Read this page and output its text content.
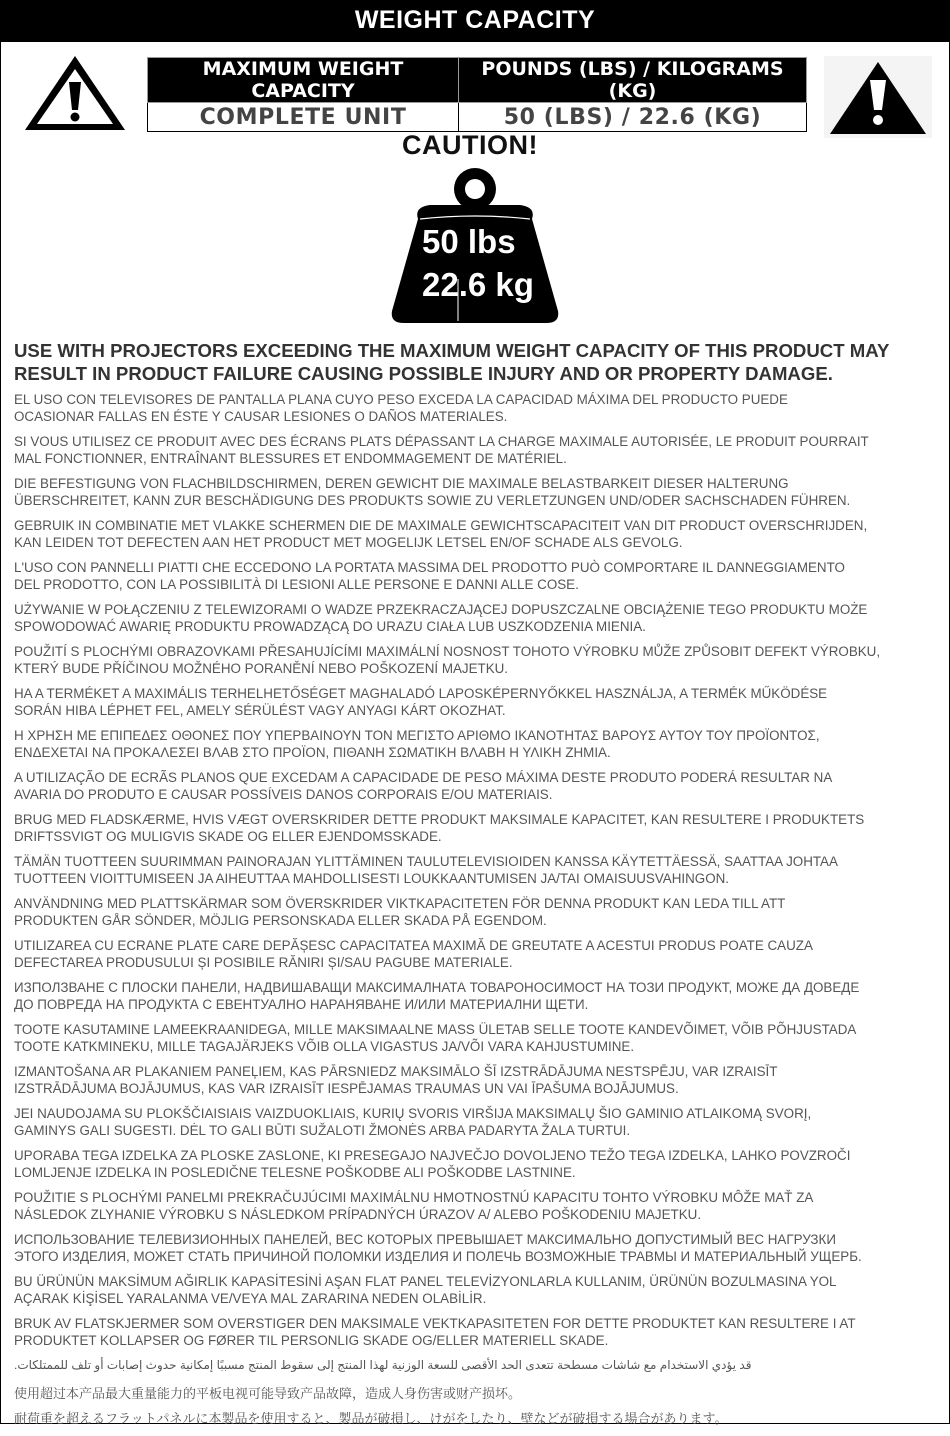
WEIGHT CAPACITY
MAXIMUM WEIGHT CAPACITY	POUNDS (LBS) / KILOGRAMS (KG)
COMPLETE UNIT	50 (LBS) / 22.6 (KG)
CAUTION!
50 lbs
22.6 kg
USE WITH PROJECTORS EXCEEDING THE MAXIMUM WEIGHT CAPACITY OF THIS PRODUCT MAY RESULT IN PRODUCT FAILURE CAUSING POSSIBLE INJURY AND OR PROPERTY DAMAGE.

EL USO CON TELEVISORES DE PANTALLA PLANA CUYO PESO EXCEDA LA CAPACIDAD MÁXIMA DEL PRODUCTO PUEDE
OCASIONAR FALLAS EN ÉSTE Y CAUSAR LESIONES O DAÑOS MATERIALES.

SI VOUS UTILISEZ CE PRODUIT AVEC DES ÉCRANS PLATS DÉPASSANT LA CHARGE MAXIMALE AUTORISÉE, LE PRODUIT POURRAIT
MAL FONCTIONNER, ENTRAÎNANT BLESSURES ET ENDOMMAGEMENT DE MATÉRIEL.

DIE BEFESTIGUNG VON FLACHBILDSCHIRMEN, DEREN GEWICHT DIE MAXIMALE BELASTBARKEIT DIESER HALTERUNG
ÜBERSCHREITET, KANN ZUR BESCHÄDIGUNG DES PRODUKTS SOWIE ZU VERLETZUNGEN UND/ODER SACHSCHADEN FÜHREN.

GEBRUIK IN COMBINATIE MET VLAKKE SCHERMEN DIE DE MAXIMALE GEWICHTSCAPACITEIT VAN DIT PRODUCT OVERSCHRIJDEN,
KAN LEIDEN TOT DEFECTEN AAN HET PRODUCT MET MOGELIJK LETSEL EN/OF SCHADE ALS GEVOLG.

L'USO CON PANNELLI PIATTI CHE ECCEDONO LA PORTATA MASSIMA DEL PRODOTTO PUÒ COMPORTARE IL DANNEGGIAMENTO
DEL PRODOTTO, CON LA POSSIBILITÀ DI LESIONI ALLE PERSONE E DANNI ALLE COSE.

UŻYWANIE W POŁĄCZENIU Z TELEWIZORAMI O WADZE PRZEKRACZAJĄCEJ DOPUSZCZALNE OBCIĄŻENIE TEGO PRODUKTU MOŻE
SPOWODOWAĆ AWARIĘ PRODUKTU PROWADZĄCĄ DO URAZU CIAŁA LUB USZKODZENIA MIENIA.

POUŽITÍ S PLOCHÝMI OBRAZOVKAMI PŘESAHUJÍCÍMI MAXIMÁLNÍ NOSNOST TOHOTO VÝROBKU MŮŽE ZPŮSOBIT DEFEKT VÝROBKU,
KTERÝ BUDE PŘÍČINOU MOŽNÉHO PORANĚNÍ NEBO POŠKOZENÍ MAJETKU.

HA A TERMÉKET A MAXIMÁLIS TERHELHETŐSÉGET MAGHALADÓ LAPOSKÉPERNYŐKKEL HASZNÁLJA, A TERMÉK MŰKÖDÉSE
SORÁN HIBA LÉPHET FEL, AMELY SÉRÜLÉST VAGY ANYAGI KÁRT OKOZHAT.

Η ΧΡΗΣΗ ΜΕ ΕΠΙΠΕΔΕΣ ΟΘΟΝΕΣ ΠΟΥ ΥΠΕΡΒΑΙΝΟΥΝ ΤΟΝ ΜΕΓΙΣΤΟ ΑΡΙΘΜΟ ΙΚΑΝΟΤΗΤΑΣ ΒΑΡΟΥΣ ΑΥΤΟΥ ΤΟΥ ΠΡΟΪΟΝΤΟΣ,
ΕΝΔΕΧΕΤΑΙ ΝΑ ΠΡΟΚΑΛΕΣΕΙ ΒΛΑΒ ΣΤΟ ΠΡΟΪΟΝ, ΠΙΘΑΝΗ ΣΩΜΑΤΙΚΗ ΒΛΑΒΗ Η ΥΛΙΚΗ ΖΗΜΙΑ.

A UTILIZAÇÃO DE ECRÃS PLANOS QUE EXCEDAM A CAPACIDADE DE PESO MÁXIMA DESTE PRODUTO PODERÁ RESULTAR NA
AVARIA DO PRODUTO E CAUSAR POSSÍVEIS DANOS CORPORAIS E/OU MATERIAIS.

BRUG MED FLADSKÆRME, HVIS VÆGT OVERSKRIDER DETTE PRODUKT MAKSIMALE KAPACITET, KAN RESULTERE I PRODUKTETS
DRIFTSSVIGT OG MULIGVIS SKADE OG ELLER EJENDOMSSKADE.

TÄMÄN TUOTTEEN SUURIMMAN PAINORAJAN YLITTÄMINEN TAULUTELEVISIOIDEN KANSSA KÄYTETTÄESSÄ, SAATTAA JOHTAA
TUOTTEEN VIOITTUMISEEN JA AIHEUTTAA MAHDOLLISESTI LOUKKAANTUMISEN JA/TAI OMAISUUSVAHINGON.

ANVÄNDNING MED PLATTSKÄRMAR SOM ÖVERSKRIDER VIKTKAPACITETEN FÖR DENNA PRODUKT KAN LEDA TILL ATT
PRODUKTEN GÅR SÖNDER, MÖJLIG PERSONSKADA ELLER SKADA PÅ EGENDOM.

UTILIZAREA CU ECRANE PLATE CARE DEPĂȘESC CAPACITATEA MAXIMĂ DE GREUTATE A ACESTUI PRODUS POATE CAUZA
DEFECTAREA PRODUSULUI ȘI POSIBILE RĂNIRI ȘI/SAU PAGUBE MATERIALE.

ИЗПОЛЗВАНЕ С ПЛОСКИ ПАНЕЛИ, НАДВИШАВАЩИ МАКСИМАЛНАТА ТОВАРОНОСИМОСТ НА ТОЗИ ПРОДУКТ, МОЖЕ ДА ДОВЕДЕ
ДО ПОВРЕДА НА ПРОДУКТА С ЕВЕНТУАЛНО НАРАНЯВАНЕ И/ИЛИ МАТЕРИАЛНИ ЩЕТИ.

TOOTE KASUTAMINE LAMEEKRAANIDEGA, MILLE MAKSIMAALNE MASS ÜLETAB SELLE TOOTE KANDEVÕIMET, VÕIB PÕHJUSTADA
TOOTE KATKMINEKU, MILLE TAGAJÄRJEKS VÕIB OLLA VIGASTUS JA/VÕI VARA KAHJUSTUMINE.

IZMANTOŠANA AR PLAKANIEM PANEĻIEM, KAS PĀRSNIEDZ MAKSIMĀLO ŠĪ IZSTRĀDĀJUMA NESTSPĒJU, VAR IZRAISĪT
IZSTRĀDĀJUMA BOJĀJUMUS, KAS VAR IZRAISĪT IESPĒJAMAS TRAUMAS UN VAI ĪPAŠUMA BOJĀJUMUS.

JEI NAUDOJAMA SU PLOKŠČIAISIAIS VAIZDUOKLIAIS, KURIŲ SVORIS VIRŠIJA MAKSIMALŲ ŠIO GAMINIO ATLAIKOMĄ SVORĮ,
GAMINYS GALI SUGESTI. DĖL TO GALI BŪTI SUŽALOTI ŽMONĖS ARBA PADARYTA ŽALA TURTUI.

UPORABA TEGA IZDELKA ZA PLOSKE ZASLONE, KI PRESEGAJO NAJVEČJO DOVOLJENO TEŽO TEGA IZDELKA, LAHKO POVZROČI
LOMLJENJE IZDELKA IN POSLEDIČNE TELESNE POŠKODBE ALI POŠKODBE LASTNINE.

POUŽITIE S PLOCHÝMI PANELMI PREKRAČUJÚCIMI MAXIMÁLNU HMOTNOSTNÚ KAPACITU TOHTO VÝROBKU MÔŽE MAŤ ZA
NÁSLEDOK ZLYHANIE VÝROBKU S NÁSLEDKOM PRÍPADNÝCH ÚRAZOV A/ ALEBO POŠKODENIU MAJETKU.

ИСПОЛЬЗОВАНИЕ ТЕЛЕВИЗИОННЫХ ПАНЕЛЕЙ, ВЕС КОТОРЫХ ПРЕВЫШАЕТ МАКСИМАЛЬНО ДОПУСТИМЫЙ ВЕС НАГРУЗКИ
ЭТОГО ИЗДЕЛИЯ, МОЖЕТ СТАТЬ ПРИЧИНОЙ ПОЛОМКИ ИЗДЕЛИЯ И ПОЛЕЧЬ ВОЗМОЖНЫЕ ТРАВМЫ И МАТЕРИАЛЬНЫЙ УЩЕРБ.

BU ÜRÜNÜN MAKSİMUM AĞIRLIK KAPASİTESİNİ AŞAN FLAT PANEL TELEVİZYONLARLA KULLANIM, ÜRÜNÜN BOZULMASINA YOL
AÇARAK KİŞİSEL YARALANMA VE/VEYA MAL ZARARINA NEDEN OLABİLİR.

BRUK AV FLATSKJERMER SOM OVERSTIGER DEN MAKSIMALE VEKTKAPASITETEN FOR DETTE PRODUKTET KAN RESULTERE I AT
PRODUKTET KOLLAPSER OG FØRER TIL PERSONLIG SKADE OG/ELLER MATERIELL SKADE.

قد يؤدي الاستخدام مع شاشات مسطحة تتعدى الحد الأقصى للسعة الوزنية لهذا المنتج إلى سقوط المنتج مسببًا إمكانية حدوث إصابات أو تلف للممتلكات.

使用超过本产品最大重量能力的平板电视可能导致产品故障，造成人身伤害或财产损坏。

耐荷重を超えるフラットパネルに本製品を使用すると、製品が破損し、けがをしたり、壁などが破損する場合があります。
